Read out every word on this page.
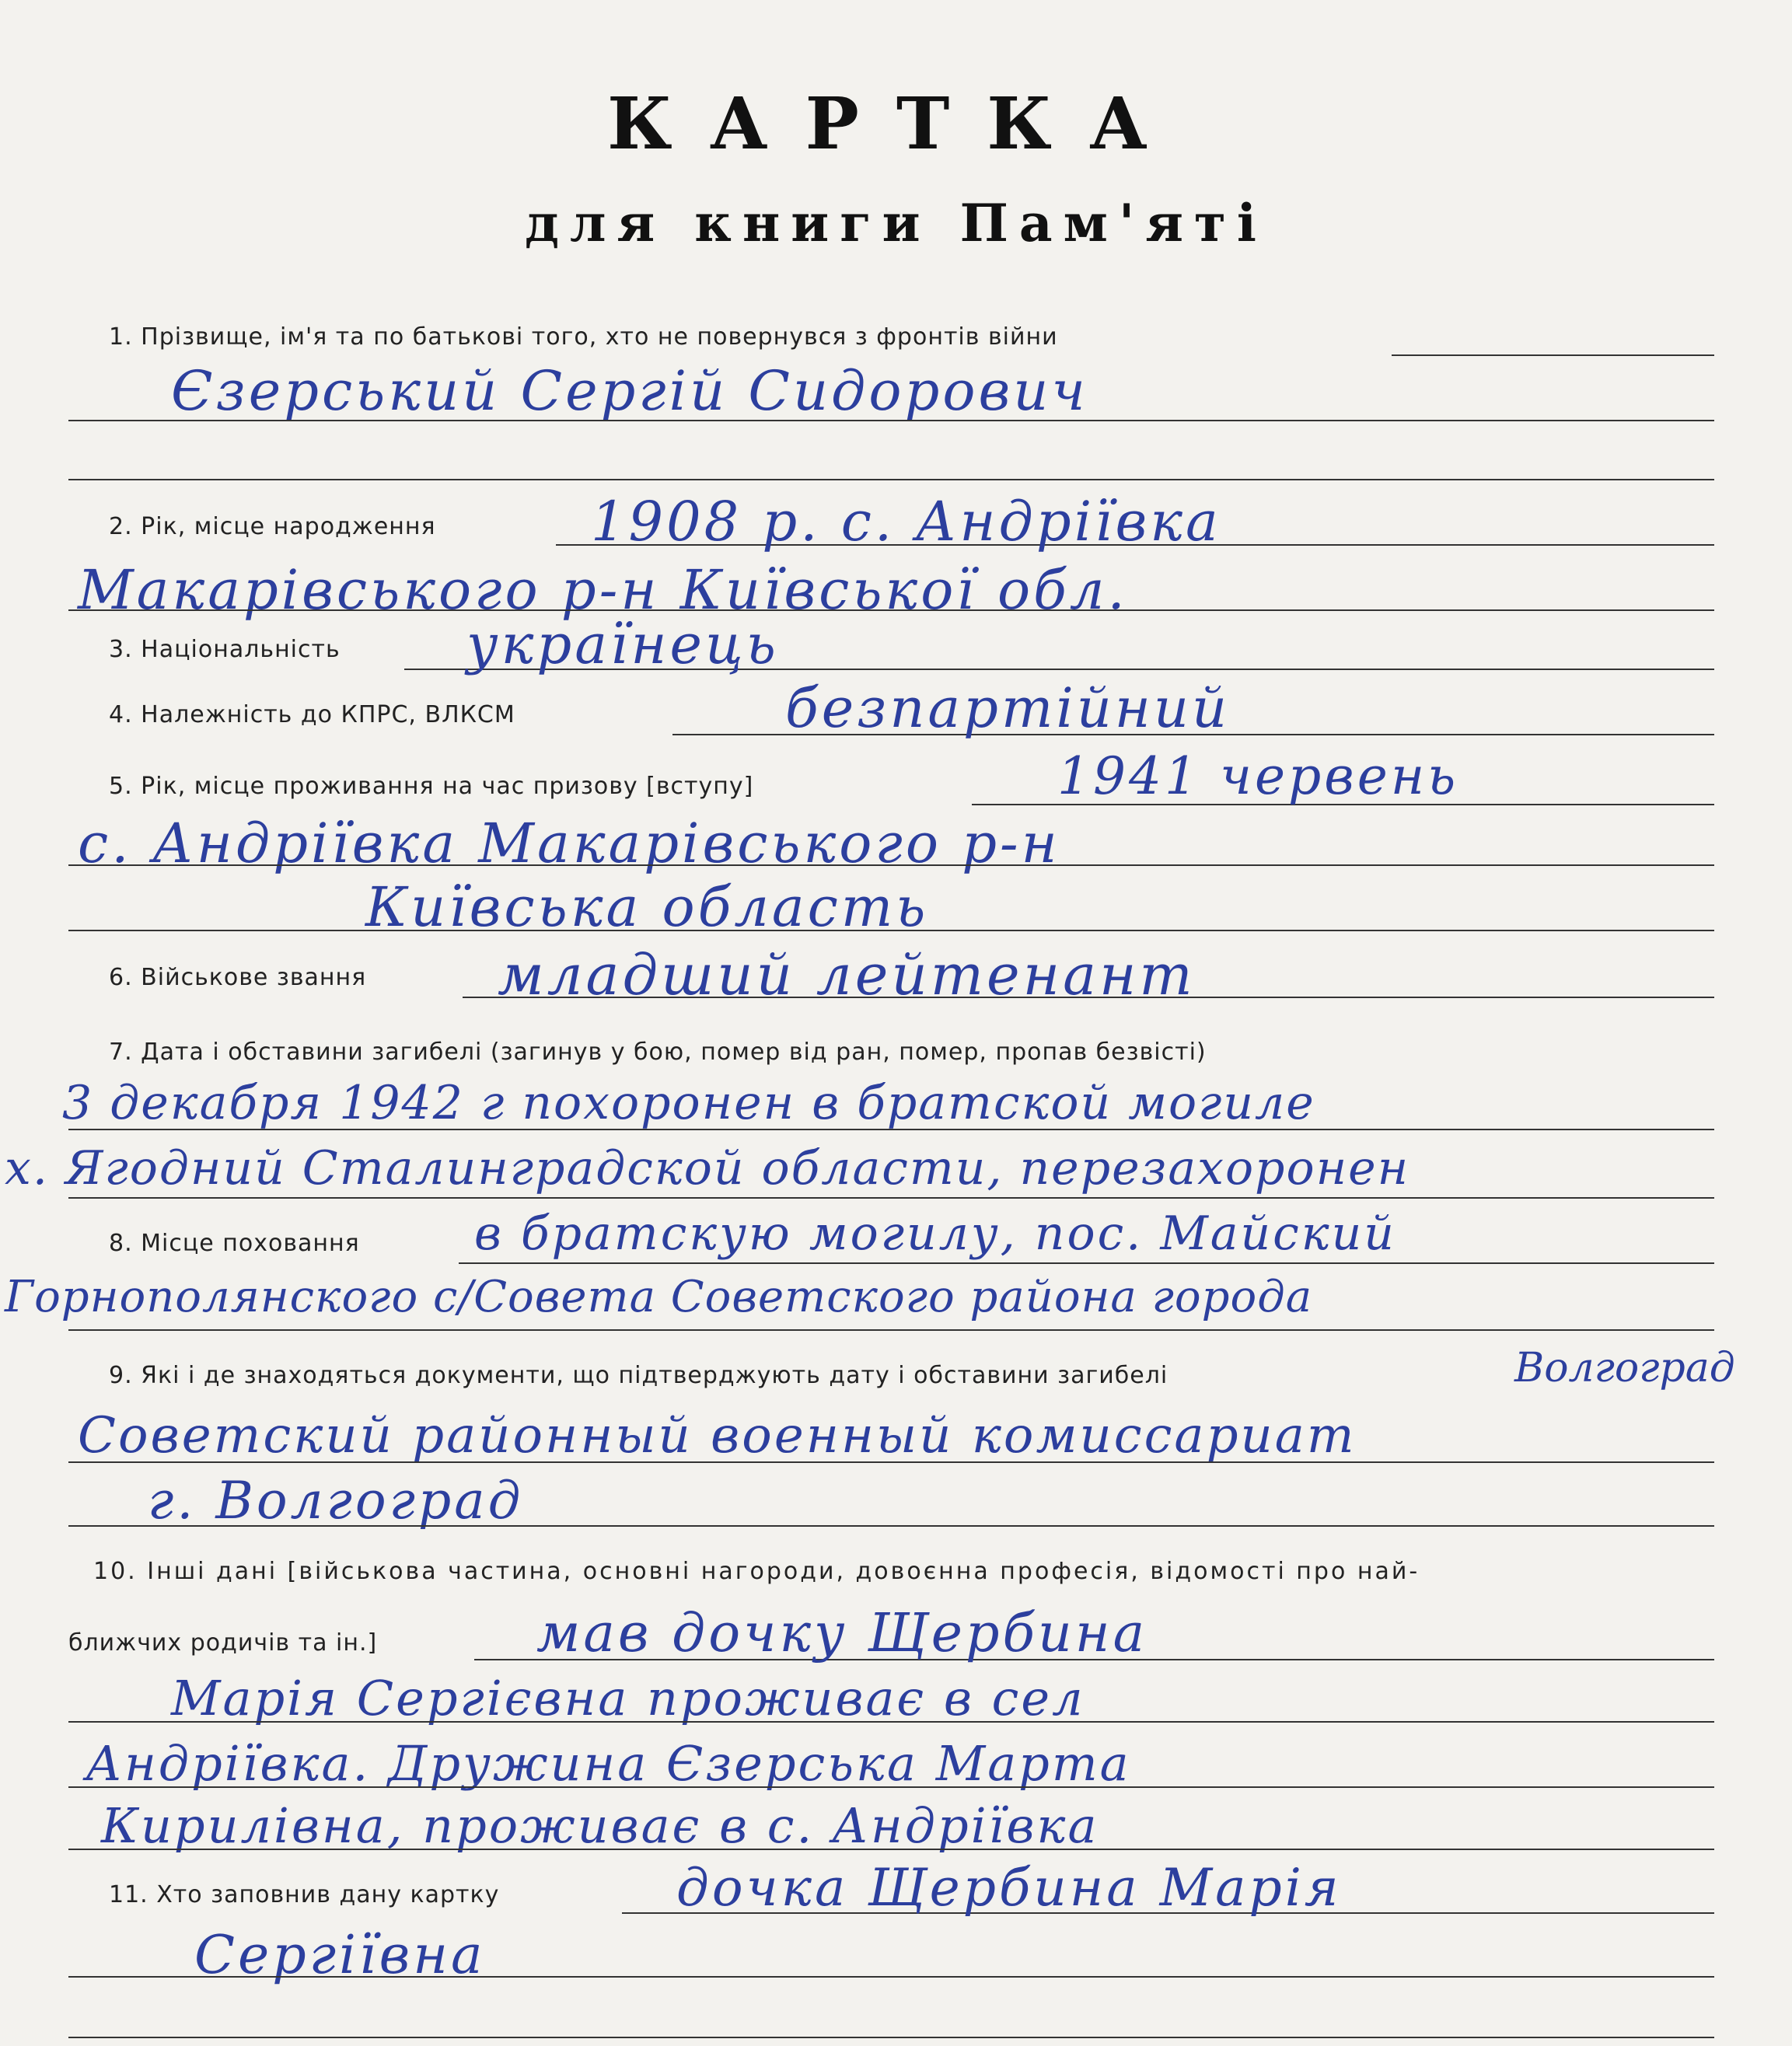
КАРТКА
для книги Пам'яті
1. Прізвище, ім'я та по батькові того, хто не повернувся з фронтів війни
Єзерський Сергій Сидорович
2. Рік, місце народження	1908 р. с. Андріївка
Макарівського р-н Київської обл.
3. Національність українець
4. Належність до КПРС, ВЛКСМ	безпартійний
5. Рік, місце проживання на час призову [вступу]	1941 червень
с. Андріївка Макарівського р-н
Київська область
6. Військове звання младший лейтенант
7. Дата і обставини загибелі (загинув у бою, помер від ран, помер, пропав безвісті)
3 декабря 1942 г похоронен в братской могиле
х. Ягодний Сталинградской области, перезахоронен
8. Місце поховання в братскую могилу, пос. Майский
Горнополянского с/Совета Советского района города
9. Які і де знаходяться документи, що підтверджують дату і обставини загибелі	Волгоград
Советский районный военный комиссариат
г. Волгоград
10. Інші дані [військова частина, основні нагороди, довоєнна професія, відомості про най-
ближчих родичів та ін.]	мав дочку Щербина
Марія Сергієвна проживає в сел
Андріївка. Дружина Єзерська Марта
Кирилівна, проживає в с. Андріївка
11. Хто заповнив дану картку	дочка Щербина Марія
Сергіївна
